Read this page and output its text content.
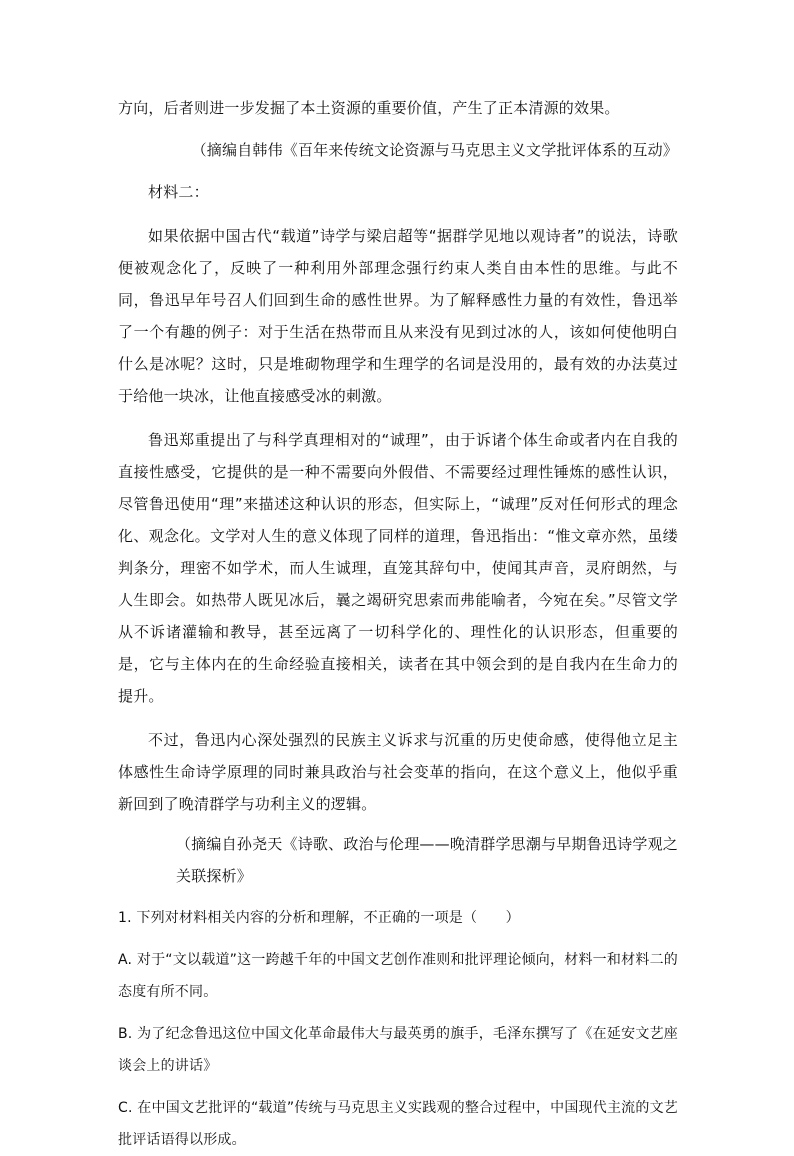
方向，后者则进一步发掘了本土资源的重要价值，产生了正本清源的效果。
（摘编自韩伟《百年来传统文论资源与马克思主义文学批评体系的互动》
材料二：
如果依据中国古代“载道”诗学与梁启超等“据群学见地以观诗者”的说法，诗歌便被观念化了，反映了一种利用外部理念强行约束人类自由本性的思维。与此不同，鲁迅早年号召人们回到生命的感性世界。为了解释感性力量的有效性，鲁迅举了一个有趣的例子：对于生活在热带而且从来没有见到过冰的人，该如何使他明白什么是冰呢？这时，只是堆砌物理学和生理学的名词是没用的，最有效的办法莫过于给他一块冰，让他直接感受冰的刺激。
鲁迅郑重提出了与科学真理相对的“诚理”，由于诉诸个体生命或者内在自我的直接性感受，它提供的是一种不需要向外假借、不需要经过理性锤炼的感性认识，尽管鲁迅使用“理”来描述这种认识的形态，但实际上，“诚理”反对任何形式的理念化、观念化。文学对人生的意义体现了同样的道理，鲁迅指出：“惟文章亦然，虽缕判条分，理密不如学术，而人生诚理，直笼其辞句中，使闻其声音，灵府朗然，与人生即会。如热带人既见冰后，曩之竭研究思索而弗能喻者，今宛在矣。”尽管文学从不诉诸灌输和教导，甚至远离了一切科学化的、理性化的认识形态，但重要的是，它与主体内在的生命经验直接相关，读者在其中领会到的是自我内在生命力的提升。
不过，鲁迅内心深处强烈的民族主义诉求与沉重的历史使命感，使得他立足主体感性生命诗学原理的同时兼具政治与社会变革的指向，在这个意义上，他似乎重新回到了晚清群学与功利主义的逻辑。
（摘编自孙尧天《诗歌、政治与伦理——晚清群学思潮与早期鲁迅诗学观之关联探析》
1. 下列对材料相关内容的分析和理解，不正确的一项是（　　）
A. 对于“文以载道”这一跨越千年的中国文艺创作准则和批评理论倾向，材料一和材料二的态度有所不同。
B. 为了纪念鲁迅这位中国文化革命最伟大与最英勇的旗手，毛泽东撰写了《在延安文艺座谈会上的讲话》
C. 在中国文艺批评的“载道”传统与马克思主义实践观的整合过程中，中国现代主流的文艺批评话语得以形成。
